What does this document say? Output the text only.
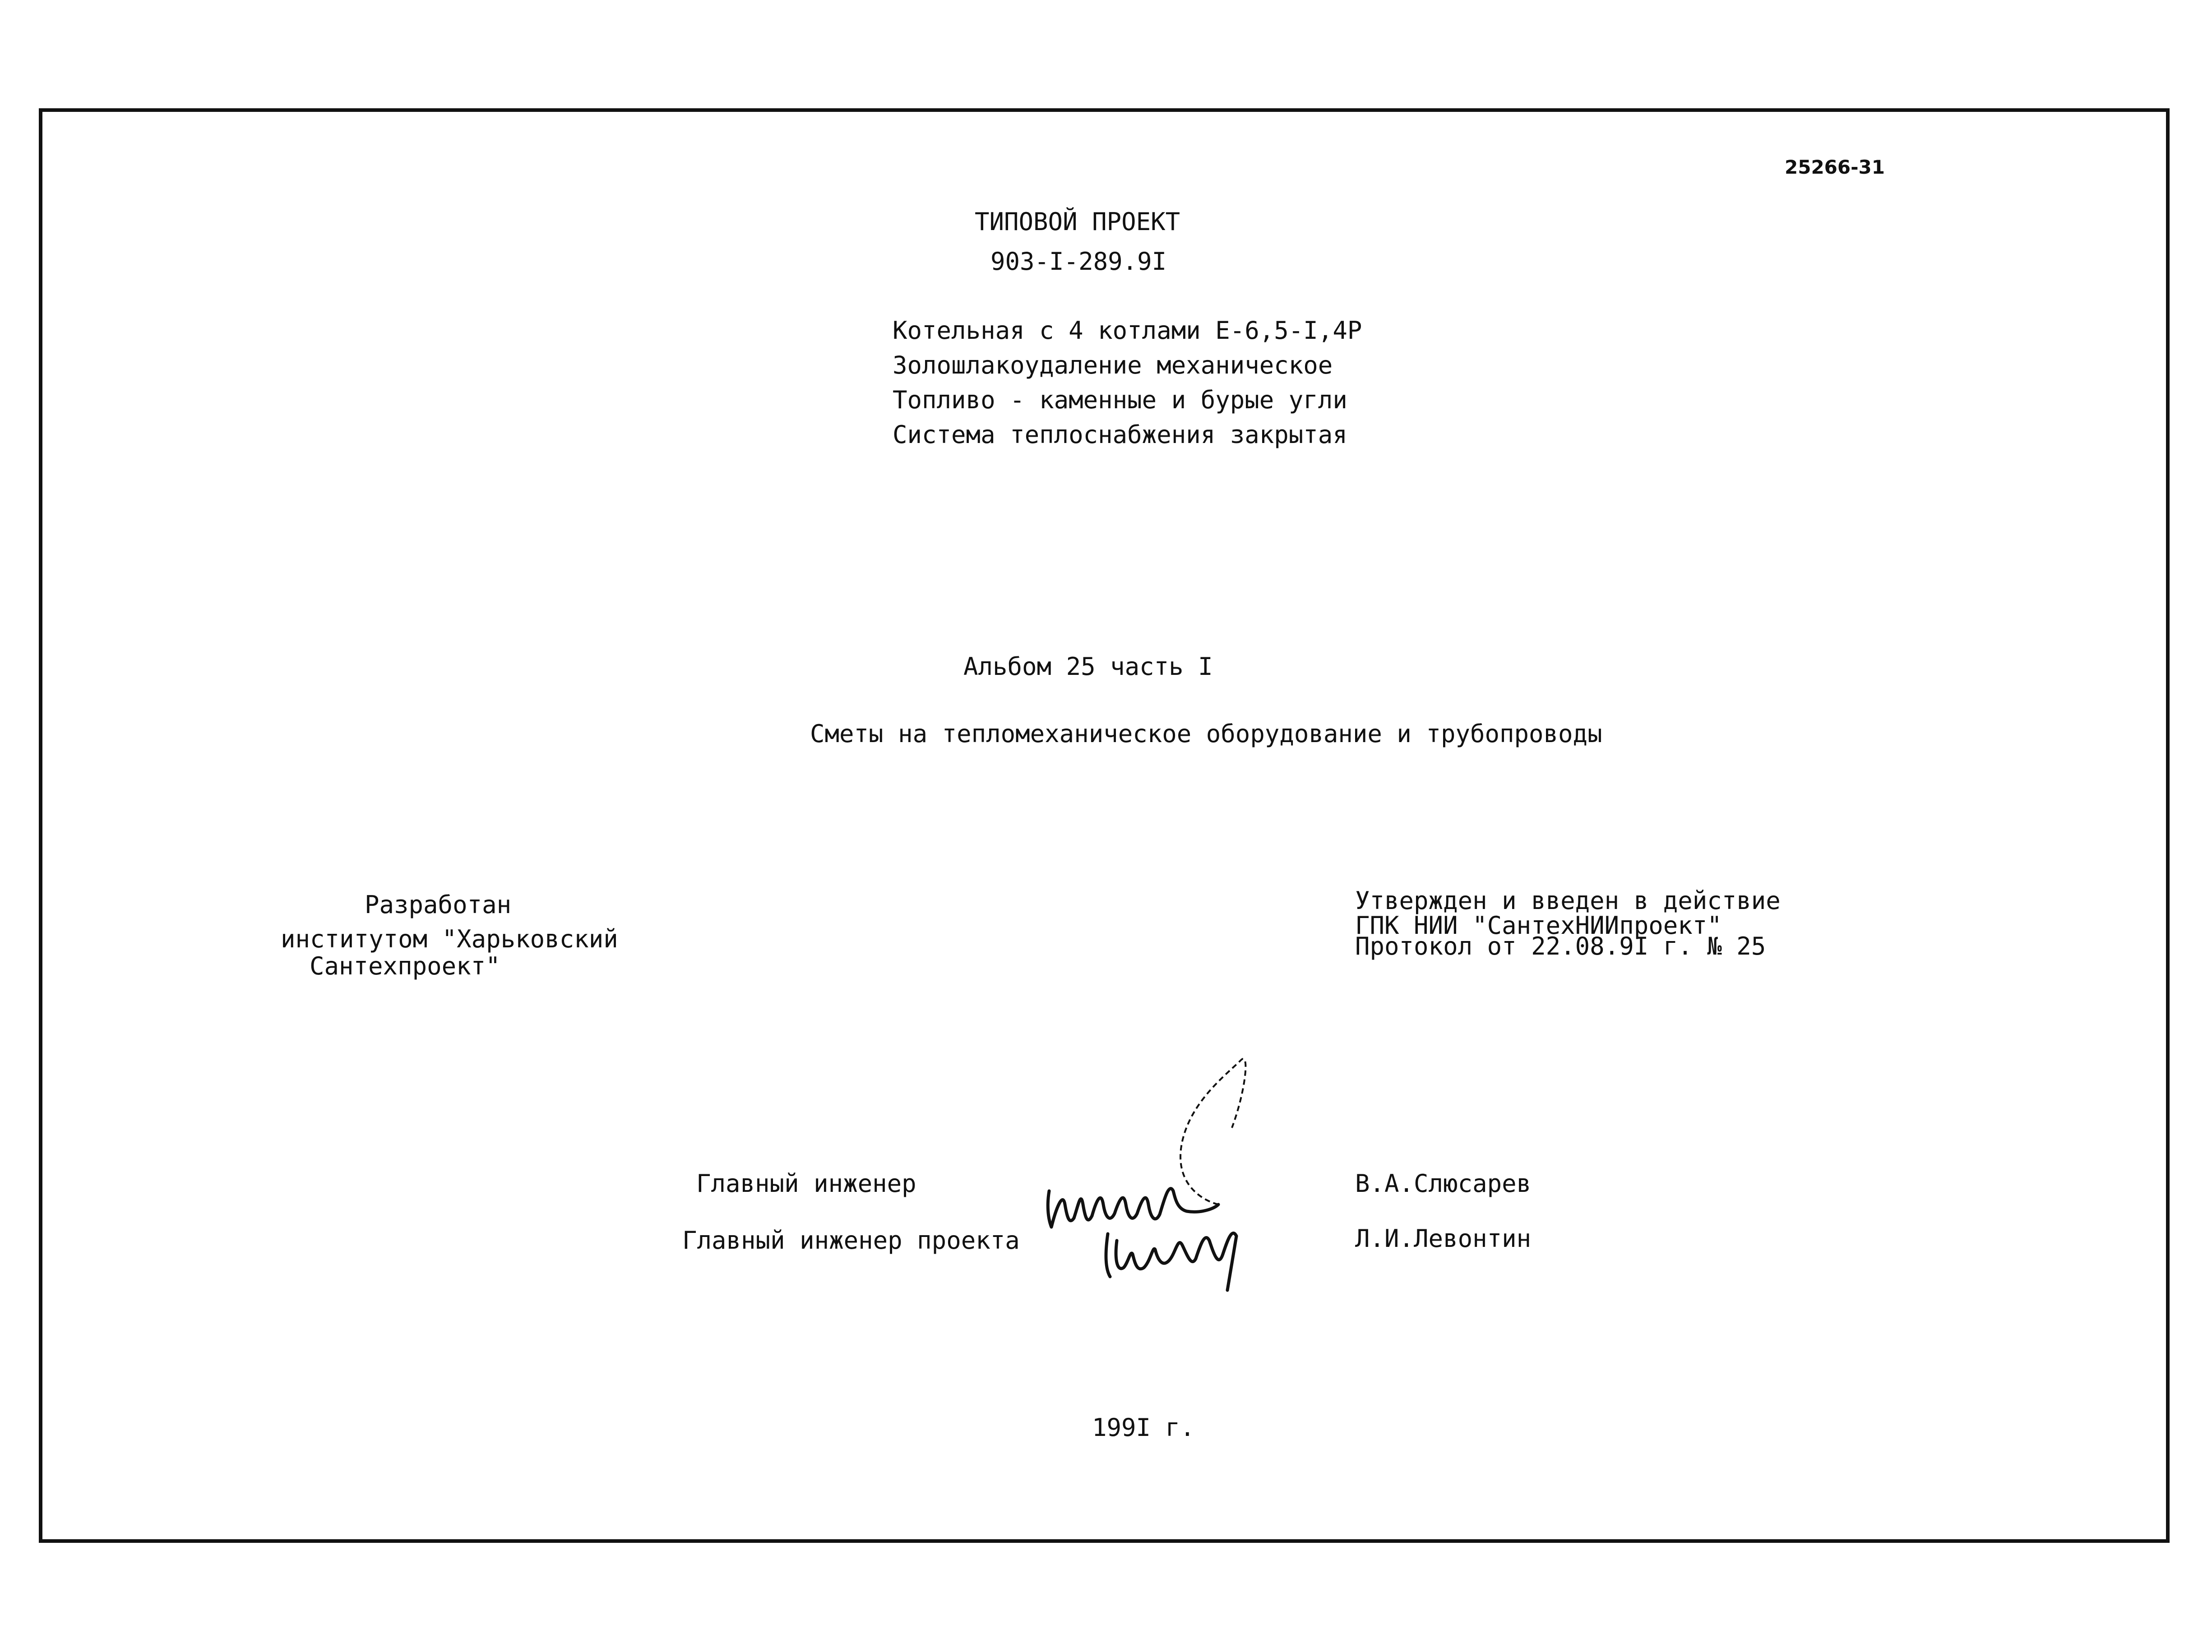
25266-31
ТИПОВОЙ ПРОЕКТ
903-I-289.9I
Котельная с 4 котлами Е-6,5-I,4Р
Золошлакоудаление механическое
Топливо - каменные и бурые угли
Система теплоснабжения закрытая
Альбом 25 часть I
Сметы на тепломеханическое оборудование и трубопроводы
Разработан
институтом "Харьковский
Сантехпроект"
Утвержден и введен в действие
ГПК НИИ "СантехНИИпроект"
Протокол от 22.08.9I г. № 25
Главный инженер	В.А.Слюсарев
Главный инженер проекта	Л.И.Левонтин
199I г.
